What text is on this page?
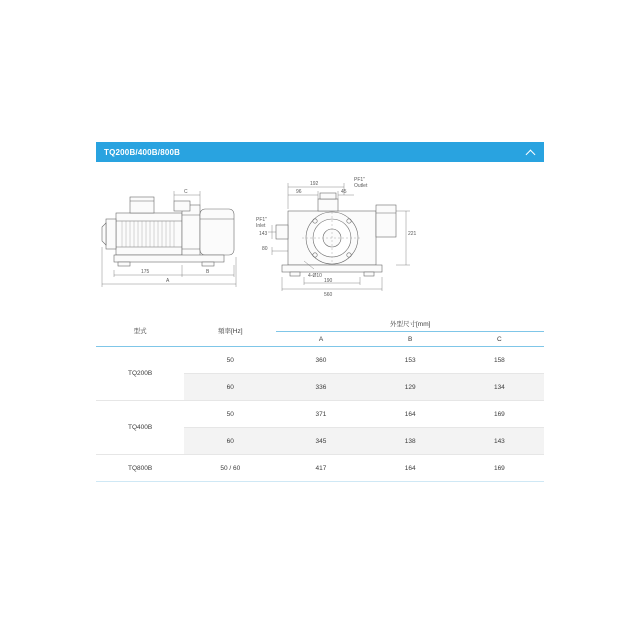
TQ200B/400B/800B
C
175	B
A
192
96	45
PF1"
Outlet
PF1"
Inlet
143
80
221
4-Ø10
190
560
型式	頻率[Hz]	外型尺寸[mm]		
		A	B	C
TQ200B	50	360	153	158
	60	336	129	134
TQ400B	50	371	164	169
	60	345	138	143
TQ800B	50 / 60	417	164	169
